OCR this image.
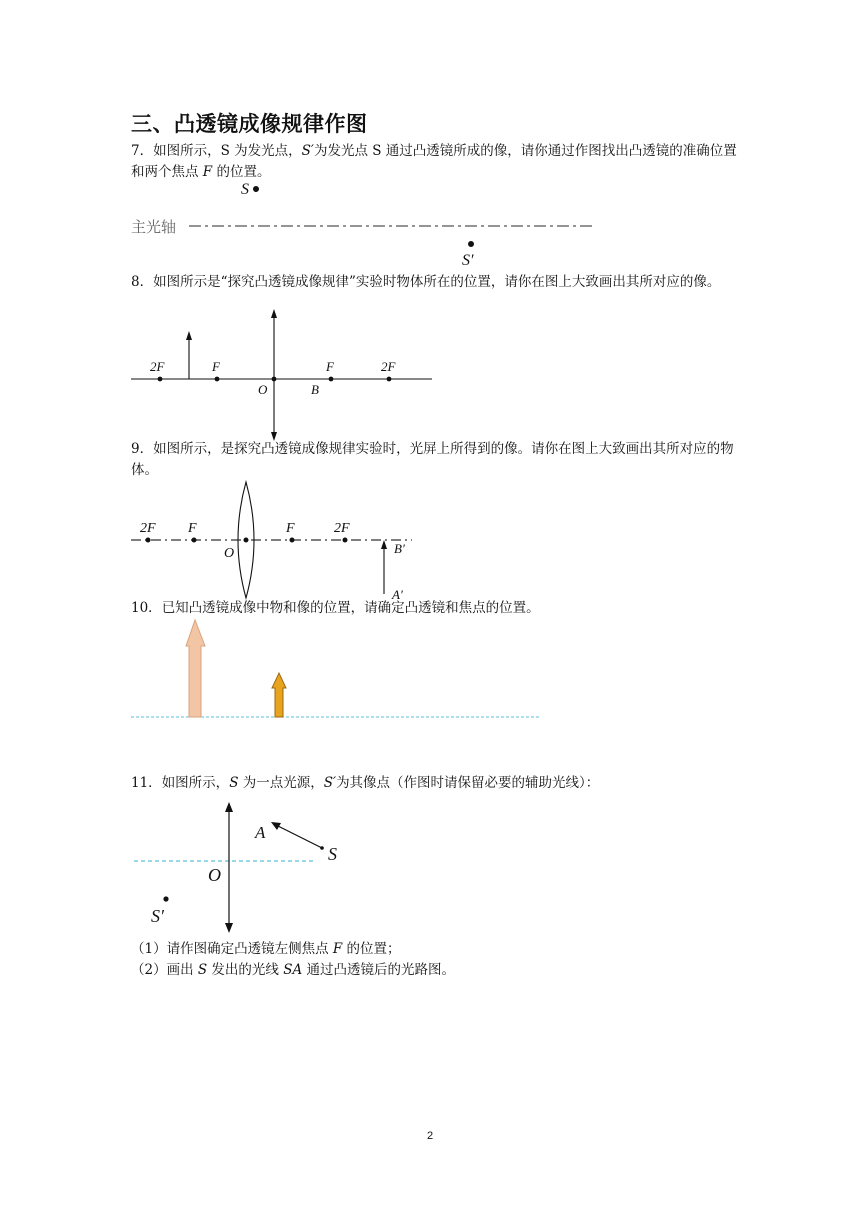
三、凸透镜成像规律作图
7．如图所示，S 为发光点，S′为发光点 S 通过凸透镜所成的像，请你通过作图找出凸透镜的准确位置和两个焦点 F 的位置。
S
主光轴
S′
8．如图所示是“探究凸透镜成像规律”实验时物体所在的位置，请你在图上大致画出其所对应的像。
2F	F
O
F
B
2F
9．如图所示，是探究凸透镜成像规律实验时，光屏上所得到的像。请你在图上大致画出其所对应的物体。
2F F
O
F	2F
B′
A′
10．已知凸透镜成像中物和像的位置，请确定凸透镜和焦点的位置。
11．如图所示，S 为一点光源，S′为其像点（作图时请保留必要的辅助光线）：
A
S
O
S′
（1）请作图确定凸透镜左侧焦点 F 的位置；
（2）画出 S 发出的光线 SA 通过凸透镜后的光路图。
2
